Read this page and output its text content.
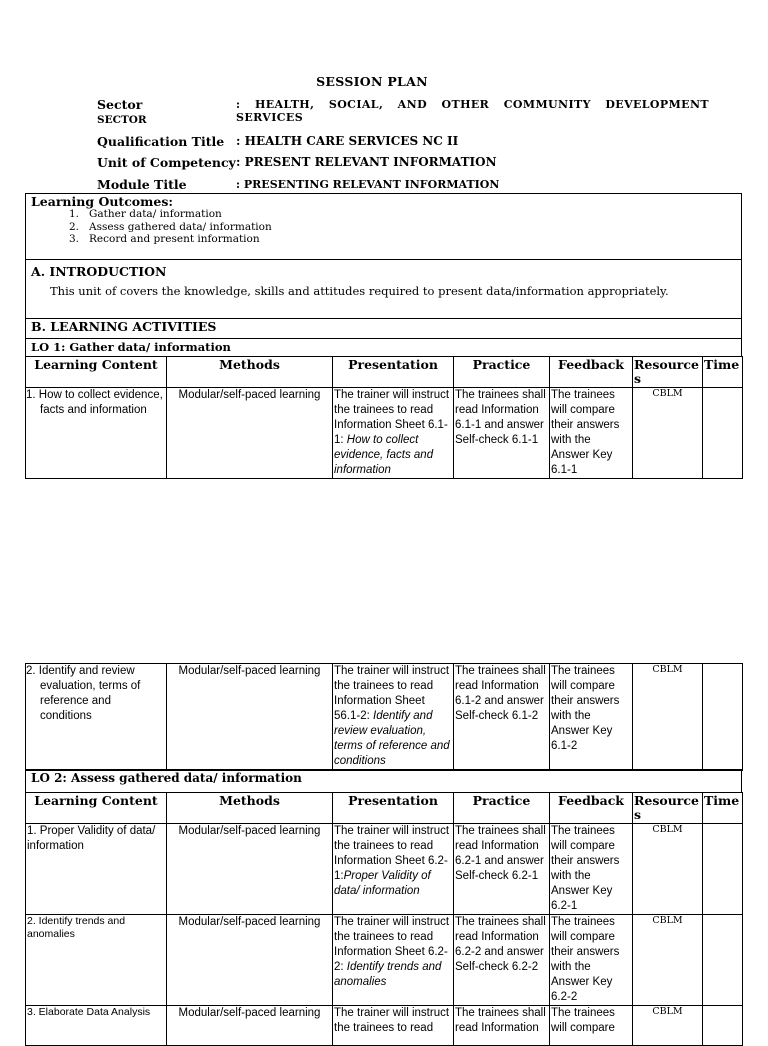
SESSION PLAN
Sector	: HEALTH, SOCIAL, AND OTHER COMMUNITY DEVELOPMENT SERVICES
SECTOR
Qualification Title : HEALTH CARE SERVICES NC II
Unit of Competency : PRESENT RELEVANT INFORMATION
Module Title	: PRESENTING RELEVANT INFORMATION
Learning Outcomes:
1.   Gather data/ information
2.   Assess gathered data/ information
3.   Record and present information
A. INTRODUCTION
This unit of covers the knowledge, skills and attitudes required to present data/information appropriately.
B. LEARNING ACTIVITIES
LO 1: Gather data/ information
Learning Content	Methods	Presentation	Practice	Feedback	Resources	Time
1. How to collect evidence, facts and information	Modular/self-paced learning	The trainer will instruct the trainees to read Information Sheet 6.1-1: How to collect evidence, facts and information	The trainees shall read Information 6.1-1 and answer Self-check 6.1-1	The trainees will compare their answers with the Answer Key 6.1-1	CBLM	
2. Identify and review evaluation, terms of reference and conditions	Modular/self-paced learning	The trainer will instruct the trainees to read Information Sheet 56.1-2: Identify and review evaluation, terms of reference and conditions	The trainees shall read Information 6.1-2 and answer Self-check 6.1-2	The trainees will compare their answers with the Answer Key 6.1-2	CBLM	
LO 2: Assess gathered data/ information
Learning Content	Methods	Presentation	Practice	Feedback	Resources	Time
1. Proper Validity of data/ information	Modular/self-paced learning	The trainer will instruct the trainees to read Information Sheet 6.2-1:Proper Validity of data/ information	The trainees shall read Information 6.2-1 and answer Self-check 6.2-1	The trainees will compare their answers with the Answer Key 6.2-1	CBLM	
2. Identify trends and anomalies	Modular/self-paced learning	The trainer will instruct the trainees to read Information Sheet 6.2-2: Identify trends and anomalies	The trainees shall read Information 6.2-2 and answer Self-check 6.2-2	The trainees will compare their answers with the Answer Key 6.2-2	CBLM	
3. Elaborate Data Analysis	Modular/self-paced learning	The trainer will instruct the trainees to read	The trainees shall read Information	The trainees will compare	CBLM	
